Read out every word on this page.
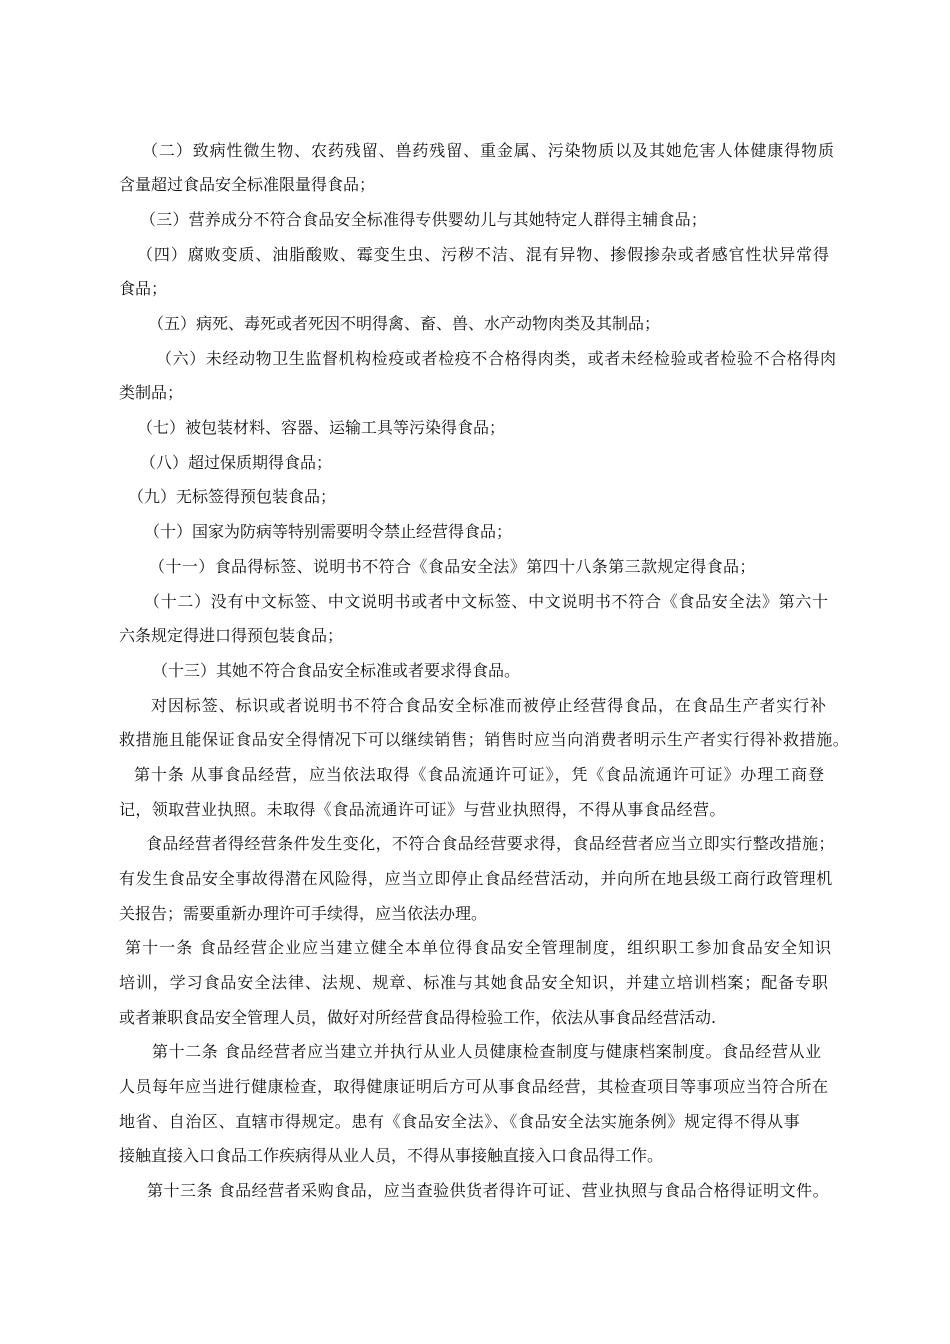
（二）致病性微生物、农药残留、兽药残留、重金属、污染物质以及其她危害人体健康得物质

含量超过食品安全标准限量得食品；

（三）营养成分不符合食品安全标准得专供婴幼儿与其她特定人群得主辅食品；

（四）腐败变质、油脂酸败、霉变生虫、污秽不洁、混有异物、掺假掺杂或者感官性状异常得

食品；

（五）病死、毒死或者死因不明得禽、畜、兽、水产动物肉类及其制品；

（六）未经动物卫生监督机构检疫或者检疫不合格得肉类，或者未经检验或者检验不合格得肉

类制品；

（七）被包装材料、容器、运输工具等污染得食品；

（八）超过保质期得食品；

（九）无标签得预包装食品；

（十）国家为防病等特别需要明令禁止经营得食品；

（十一）食品得标签、说明书不符合《食品安全法》第四十八条第三款规定得食品；

（十二）没有中文标签、中文说明书或者中文标签、中文说明书不符合《食品安全法》第六十

六条规定得进口得预包装食品；

（十三）其她不符合食品安全标准或者要求得食品。

对因标签、标识或者说明书不符合食品安全标准而被停止经营得食品，在食品生产者实行补

救措施且能保证食品安全得情况下可以继续销售；销售时应当向消费者明示生产者实行得补救措施。

第十条 从事食品经营，应当依法取得《食品流通许可证》，凭《食品流通许可证》办理工商登

记，领取营业执照。未取得《食品流通许可证》与营业执照得，不得从事食品经营。

食品经营者得经营条件发生变化，不符合食品经营要求得，食品经营者应当立即实行整改措施；

有发生食品安全事故得潜在风险得，应当立即停止食品经营活动，并向所在地县级工商行政管理机

关报告；需要重新办理许可手续得，应当依法办理。

第十一条 食品经营企业应当建立健全本单位得食品安全管理制度，组织职工参加食品安全知识

培训，学习食品安全法律、法规、规章、标准与其她食品安全知识，并建立培训档案；配备专职

或者兼职食品安全管理人员，做好对所经营食品得检验工作，依法从事食品经营活动.

第十二条 食品经营者应当建立并执行从业人员健康检查制度与健康档案制度。食品经营从业

人员每年应当进行健康检查，取得健康证明后方可从事食品经营，其检查项目等事项应当符合所在

地省、自治区、直辖市得规定。患有《食品安全法》、《食品安全法实施条例》规定得不得从事

接触直接入口食品工作疾病得从业人员，不得从事接触直接入口食品得工作。

第十三条 食品经营者采购食品，应当查验供货者得许可证、营业执照与食品合格得证明文件。
